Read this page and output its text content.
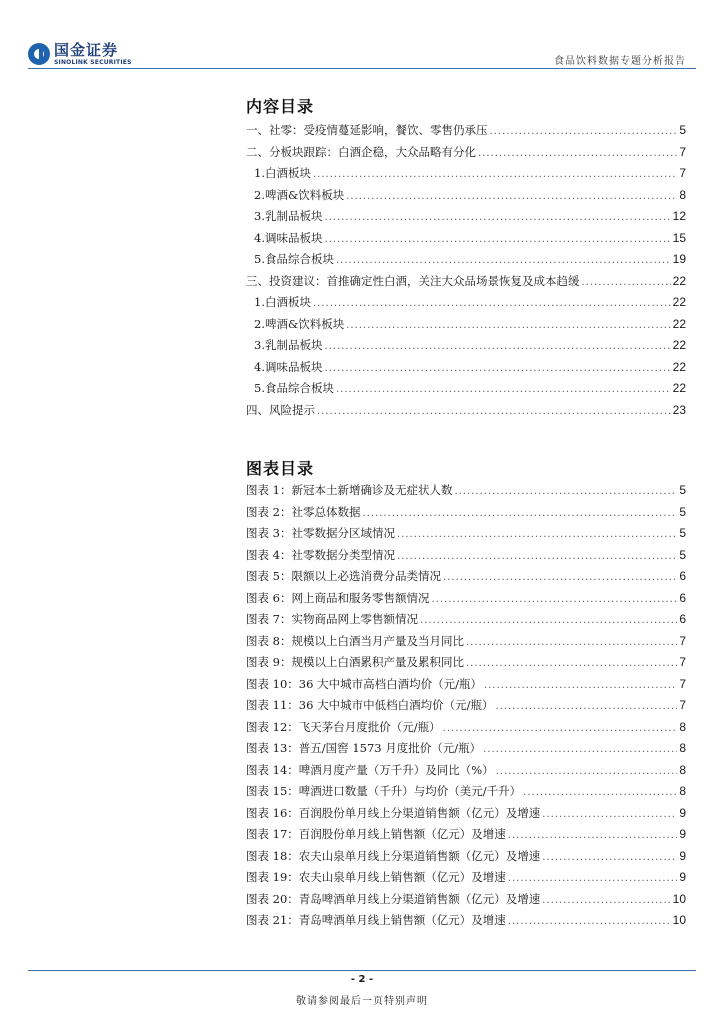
国金证券
SINOLINK SECURITIES	食品饮料数据专题分析报告
内容目录
一、社零：受疫情蔓延影响，餐饮、零售仍承压 .....	5
二、分板块跟踪：白酒企稳，大众品略有分化 .....	7
1.白酒板块 .....	7
2.啤酒&饮料板块 .....	8
3.乳制品板块 .....	12
4.调味品板块 .....	15
5.食品综合板块 .....	19
三、投资建议：首推确定性白酒，关注大众品场景恢复及成本趋缓 .....	22
1.白酒板块 .....	22
2.啤酒&饮料板块 .....	22
3.乳制品板块 .....	22
4.调味品板块 .....	22
5.食品综合板块 .....	22
四、风险提示 .....	23
图表目录
图表 1：新冠本土新增确诊及无症状人数 .....	5
图表 2：社零总体数据 .....	5
图表 3：社零数据分区域情况 .....	5
图表 4：社零数据分类型情况 .....	5
图表 5：限额以上必选消费分品类情况 .....	6
图表 6：网上商品和服务零售额情况 .....	6
图表 7：实物商品网上零售额情况 .....	6
图表 8：规模以上白酒当月产量及当月同比 .....	7
图表 9：规模以上白酒累积产量及累积同比 .....	7
图表 10：36 大中城市高档白酒均价（元/瓶） .....	7
图表 11：36 大中城市中低档白酒均价（元/瓶） .....	7
图表 12：飞天茅台月度批价（元/瓶） .....	8
图表 13：普五/国窖 1573 月度批价（元/瓶） .....	8
图表 14：啤酒月度产量（万千升）及同比（%） .....	8
图表 15：啤酒进口数量（千升）与均价（美元/千升） .....	8
图表 16：百润股份单月线上分渠道销售额（亿元）及增速 .....	9
图表 17：百润股份单月线上销售额（亿元）及增速 .....	9
图表 18：农夫山泉单月线上分渠道销售额（亿元）及增速 .....	9
图表 19：农夫山泉单月线上销售额（亿元）及增速 .....	9
图表 20：青岛啤酒单月线上分渠道销售额（亿元）及增速 .....	10
图表 21：青岛啤酒单月线上销售额（亿元）及增速 .....	10
- 2 -
敬请参阅最后一页特别声明
